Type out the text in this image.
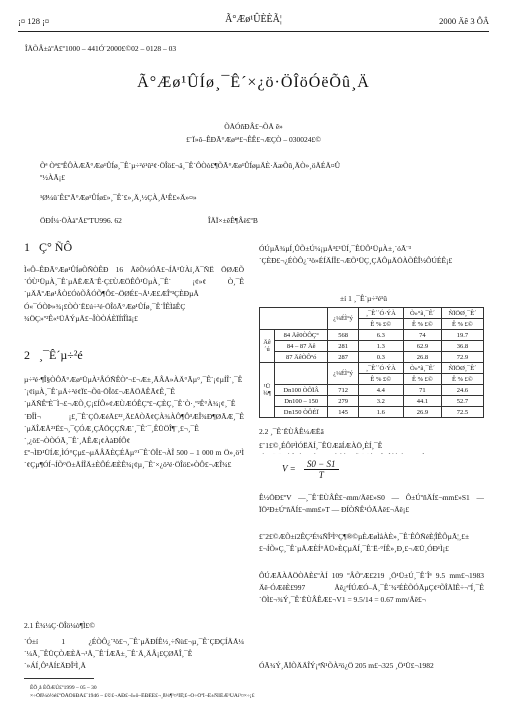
¡¤ 128 ¡¤	Ã°Æø¹ÛÈÈÃ¦	2000 Äê 3 ÔÂ
ÎÄÕÂ±àºÅ£º1000 – 441Ó¨2000£©02 – 0128 – 03
Ã°Æø¹ÛÍø¸¯Ê´×¿ö·ÖÎöÓëÕû¸Ä
ÕÅÓñÐÂ£¬ÕÅ ê»
£¨Ï»ô–ÊÐÃ°Æø¹ª£¬ÊÊ£¬ÆÇÒ – 030024£©
Õª Òª£ºÊÔÀÆÃ°Æø¹ÛÍø¸¯Ê´µ÷²é¹û²¢·ÖÎö£¬ä¸¯Ê´ÔÒò£¶ÕÃ°Æø¹ÛÍøµÄÈ·ÄæÕû¸ÄÒ»¸öÄÉÄ¤Û
º½ÀÃ¡£
¹Ø¼ü´Ê£ºÃ°Æø¹ÛÍø£»¸¯Ê´£»¸Ä¸½ÇÀ¸Ä¹Ê£»Ä»¤»
ÖÐÍ¼·ÖÀàºÅ£ºTU996. 62	ÎÄÏ×±êÊ¶Âë£ºB
1 Ç° ÑÔ
Ì«Ô–ÊÐÃ°Æø¹ÛÍøÕÑÒÊÐ 16 ÄêÕ¼ÓÃ£¬ÍÅ¹ÜÀí¸Ä¯ÑË ÖØÆÕ´ÓÙ¹ÜµÀ¸¯Ê´µÄËÆÃ¨Ê·Ç£ÙÆÖÊÔ¹ÜµÀ¸¯Ê´ ¡¢»¢ Ò¸¯Ê´µÄÃºÆø¹ÂÒ£ÓòÕÂÓÕ¶Ô£¬ÖØÉ£¬Ä¹Æ£ÆÎº³ÇÈÐµÄ Ó«¯ÓÒÞ»¾¡£ÒÒ´Ë£ú÷²é·ÖÎöÃ°Æø¹ÛÍø¸¯Ê´ÎÊÌâÊÇ ¾ÖÇ»º²Ê«¹ÜÄÝµÄ£¬ÎÒÒÁÈÏÍîÎÌâ¡£
2 ¸¯Ê´µ÷²é
µ÷²é·¶Î§ÒÔÃ°Æø¹ÜµÀ²ÂÓÑÊÒº¬£¬Æ±¸ÃÂÅ»ÀÄ°Ãµ°¸¯Ê´¡¢µÍÎ´¸¯Ê´¡¢ìµÀ¸¯Ê´µÄ÷²é¢Ï£¬Õû·ÖÎö£¬ÆÄÖÄÊÃ¢Ê¸¯Ê´µÄÑÊºÈ¯Ì¬£¬ÆÕ¸Ç¡£ÍÔ»¢ÆÙÆÓÊÇº£¬ÇÈÇ¸¯Ê´Ò·¸º²Ê°À¾¡¢¸¯Ê´ÐÎÌ¬ ¡£¸¯Ê´ÇÖÆéÅ£³²¸Ä£ÅÒÃ¢ÇÀ¾ÀÔ¶Ô³ÆÎ¾Ð¶ØÃÆ¸¯Ê´µÄÎÆÄ²¹Ë£¬¸¯ÇÓÆ¸ÇÃÖÇÇÑÆ´¸¯Ê´¯¸ÊÜÖÎ¶¨¸£¬¸¯Ê´¸¿ö£¬ÒÒÓÃ¸¯Ê´¸ÅÊÆ¡¢ÀàÐÍÔ¢£º¬ÌÐ¹ÜÍÆ¸ÌÓ°Çµ£¬µÄÂÃÈÇÉÄµ°¹¯Ê´ÖÎ£¬ÀÎ 500 – 1 000 m Ö»¸ö¹Ì´¢Çµ¶ÓÍ¬ÍÕ°Ö±ÄÍÎÄ±ÈÔÉÆÈÊ¾¡¢µ¸¯Ê´×¿ö²é·ÖÎö£»ÒÔ£¬ÆÎ¾£
2.1 Ê¾¼Ç·ÖÎö¼ò¶Ì£©
´Ó±í 1 ¿ÉÒÔ¿´³ö£¬¸¯Ê´µÄÐÍÊ½¸÷Ñù£¬µ¸¯Ê´ÇÐÇÍÄÅ¼´¼Ã¸¯ÊÜÇÒÆÈÄ¬¹Ä¸¯Ê´ÍÆÃ±¸¯Ê´Ä¸ÄÂ¡£ÇØÃÎ¸¯Ê´»ÁÍ¸Ô³ÄÍ£ÄÐÎ²Ì¸Ä
ÓÚµÃ¾µÍ¸ÛÕ±Ú¼¡µÄ³£¹ÜÍ¸¯ÊÜÔ¹ÜµÀ±¸´óÃ¨³´ÇÈÐ£¬¿ÉÒÔ¿´³ö»ÉÍÄÍÎ£¬ÆÕ¹ÜÇ¸ÇÄÔµÄÖÀÕÊÎ½ÔÚÉÊ¡£
±í 1 ¸¯Ê´µ÷²é¹û
		¿¼ÉÌ°ý	¸¯Ê´´Ó·ÝÀ	Ò»°ã¸¯Ê´	ÑÏÖØ¸¯Ê´
			Ê % £©	Ê % £©	Ê % £©
Äê ´ú	84 Äê0ÒÔÇ°	568	6.3	74	19.7
	84 – 87 Äê	281	1.3	62.9	36.8
	87 ÄêÒÔºó	287	0.3	26.8	72.9
¹Ü ¾¶		¿¼ÉÌ°ý	¸¯Ê´´Ó·ÝÀ	Ò»°ã¸¯Ê´	ÑÏÖØ¸¯Ê´
			Ê % £©	Ê % £©	Ê % £©
	Dn100 ÒÔÏÂ	712	4.4	71	24.6
	Dn100 – 150	279	3.2	44.1	52.7
	Dn150 ÒÔÉÏ	145	1.6	26.9	72.5
2.2 ¸¯Ê´ËÙÂÊ¼ÆËã
£¨1£©¸ÉÔï³ÌÓËÄÍ¸¯ÊÜÆâÍÆÀÖ¸ÈÍ¸¯Ê
$V = \frac{S0 - S1}{T}$
Ê½ÖÐ£ºV —¸¯Ê´ËÙÂÊ£¬mm/Äê£»S0 — Ô±ÚºñÄÍ£¬mm£»S1 — ÏÖ²Ð±ÚºñÄÍ£¬mm£»T — ÐÍÒÑÊ¹ÓÃÄê£¬Äê¡£
£¨2£©ÆÕ±í2ÊÇ²É¼ÑÎ²Ì°Ç¶®©µÈÆøÌåÀÈ»¸¯Ê´ÊÔÑéÈ¦ÎÊÔµÃ¦¸£±£¬ÍÕ»Ç¸¯Ê´µÄÆÈÍ°ÄÜ»ÈÇµÄÍ¸¯Ê´Ë·°ÍÊ»¸Ð¸£¬ÆÜ¸ÓÐ¹Ì¡£
ÔÚÆÃÀÄÖÒÅÈ£ºÀÍ 109 ºÂÕºÆ£219 ¸Ö¹Ü±Ú¸¯Ê´Îª 9.5 mm£¬1983 Äê·ÓÆêÈ£997 Äê¿ªÍÚÆÓ–Ä¸¯Ê´¾²ÉÈÕÓÃµÇ¢²ÕÎÄÏÊ÷¬ºÍ¸¯Ê´ÖÌ£¬¾Ý¸¯Ê´ËÙÂÊÆ£¬V1 = 9.5/14 = 0.67 mm/Äê£¬
ÓÃ¾Ý¸ÃÏÕÄÄÎÝ¡ªÑ¹ÕÀ²ö¿Ö 205 m£¬325 ¸Ö¹Ü£¬1982
ÊÕ¸å ÈÕÆÚ£º1999 – 05 – 30
×÷Õß¼ò½é£ºÕÅÓñÐÂ£¨1946 – £©£¬ÄÐ£¬Ï»ô–ÊÐÈË£¬¸ß¼¶¹¤³ÌÊ¦£¬Ö÷ÒªÍ¬Ê±ÑÏÉÆ¹ÜÀí¹¤×÷¡£
